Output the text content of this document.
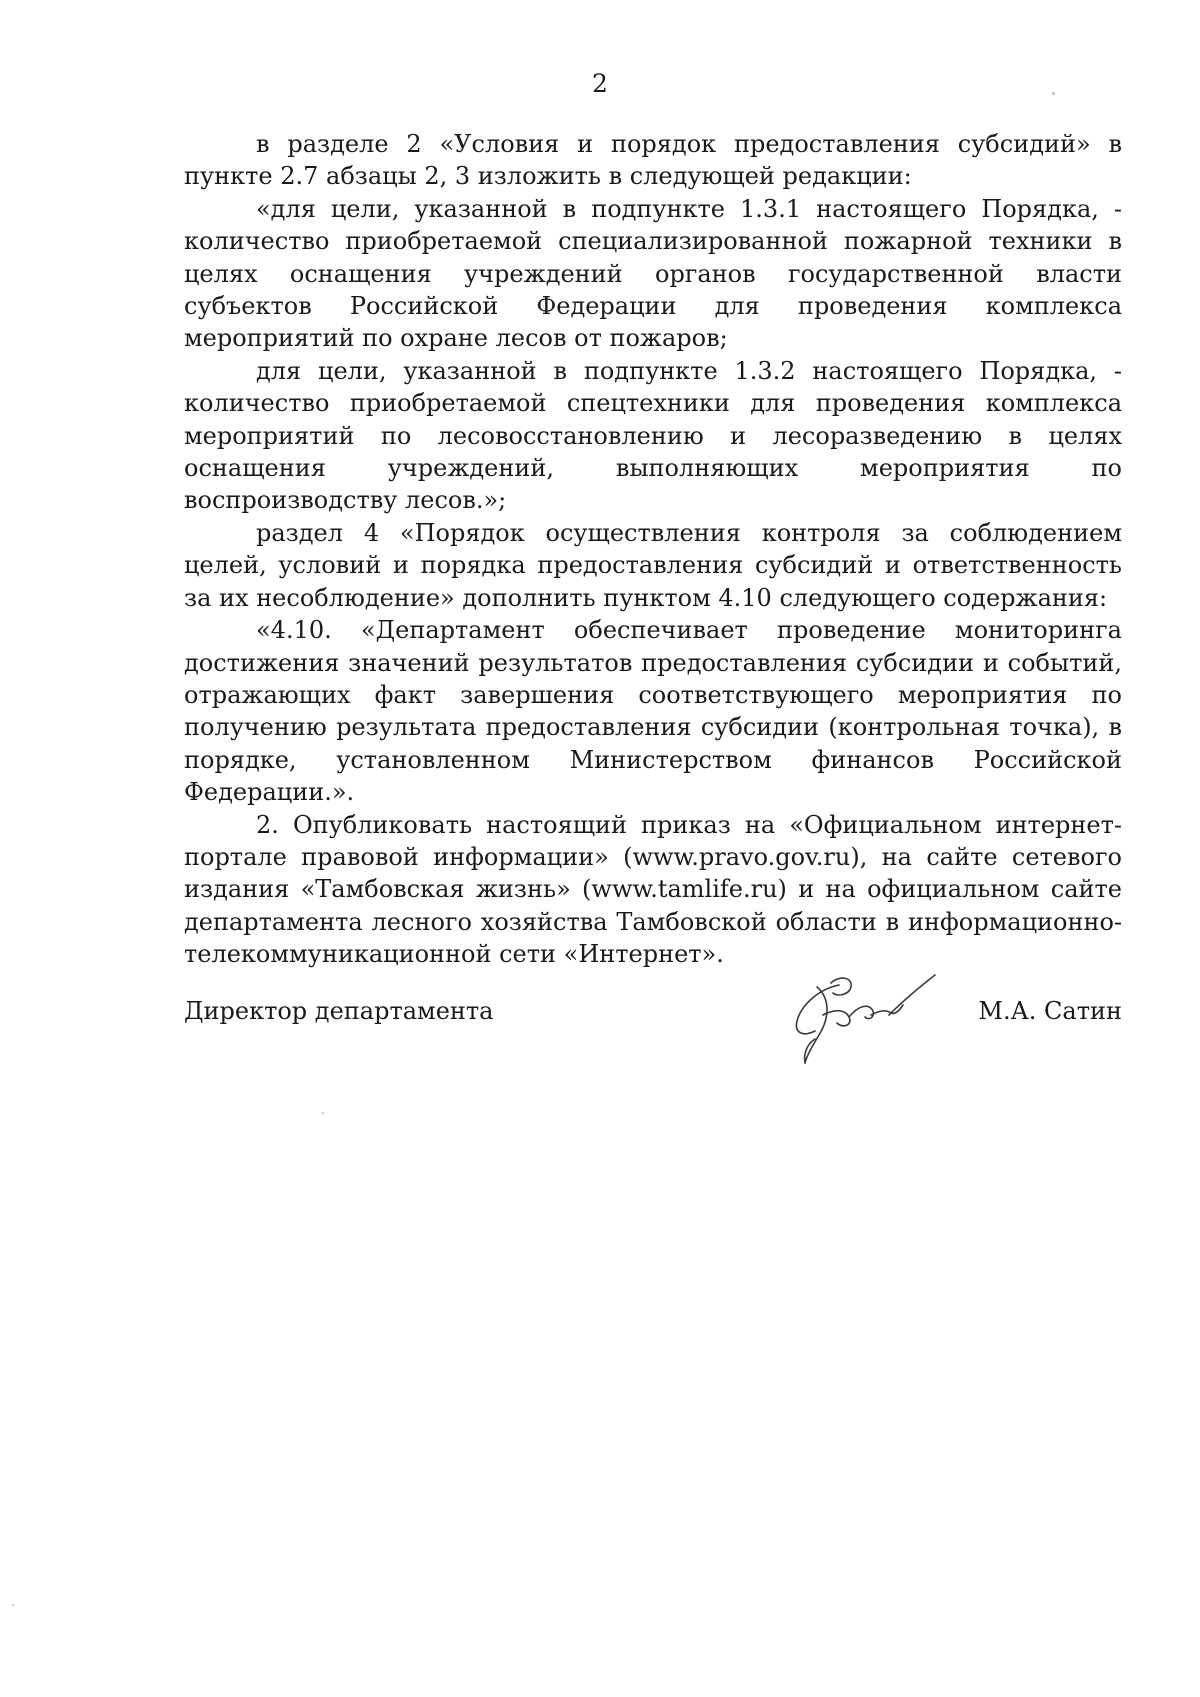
2

в разделе 2 «Условия и порядок предоставления субсидий» в пункте 2.7 абзацы 2, 3 изложить в следующей редакции:

«для цели, указанной в подпункте 1.3.1 настоящего Порядка, - количество приобретаемой специализированной пожарной техники в целях оснащения учреждений органов государственной власти субъектов Российской Федерации для проведения комплекса мероприятий по охране лесов от пожаров;

для цели, указанной в подпункте 1.3.2 настоящего Порядка, - количество приобретаемой спецтехники для проведения комплекса мероприятий по лесовосстановлению и лесоразведению в целях оснащения учреждений, выполняющих мероприятия по воспроизводству лесов.»;

раздел 4 «Порядок осуществления контроля за соблюдением целей, условий и порядка предоставления субсидий и ответственность за их несоблюдение» дополнить пунктом 4.10 следующего содержания:

«4.10. «Департамент обеспечивает проведение мониторинга достижения значений результатов предоставления субсидии и событий, отражающих факт завершения соответствующего мероприятия по получению результата предоставления субсидии (контрольная точка), в порядке, установленном Министерством финансов Российской Федерации.».

2. Опубликовать настоящий приказ на «Официальном интернет-портале правовой информации» (www.pravo.gov.ru), на сайте сетевого издания «Тамбовская жизнь» (www.tamlife.ru) и на официальном сайте департамента лесного хозяйства Тамбовской области в информационно-телекоммуникационной сети «Интернет».

Директор департамента	М.А. Сатин
